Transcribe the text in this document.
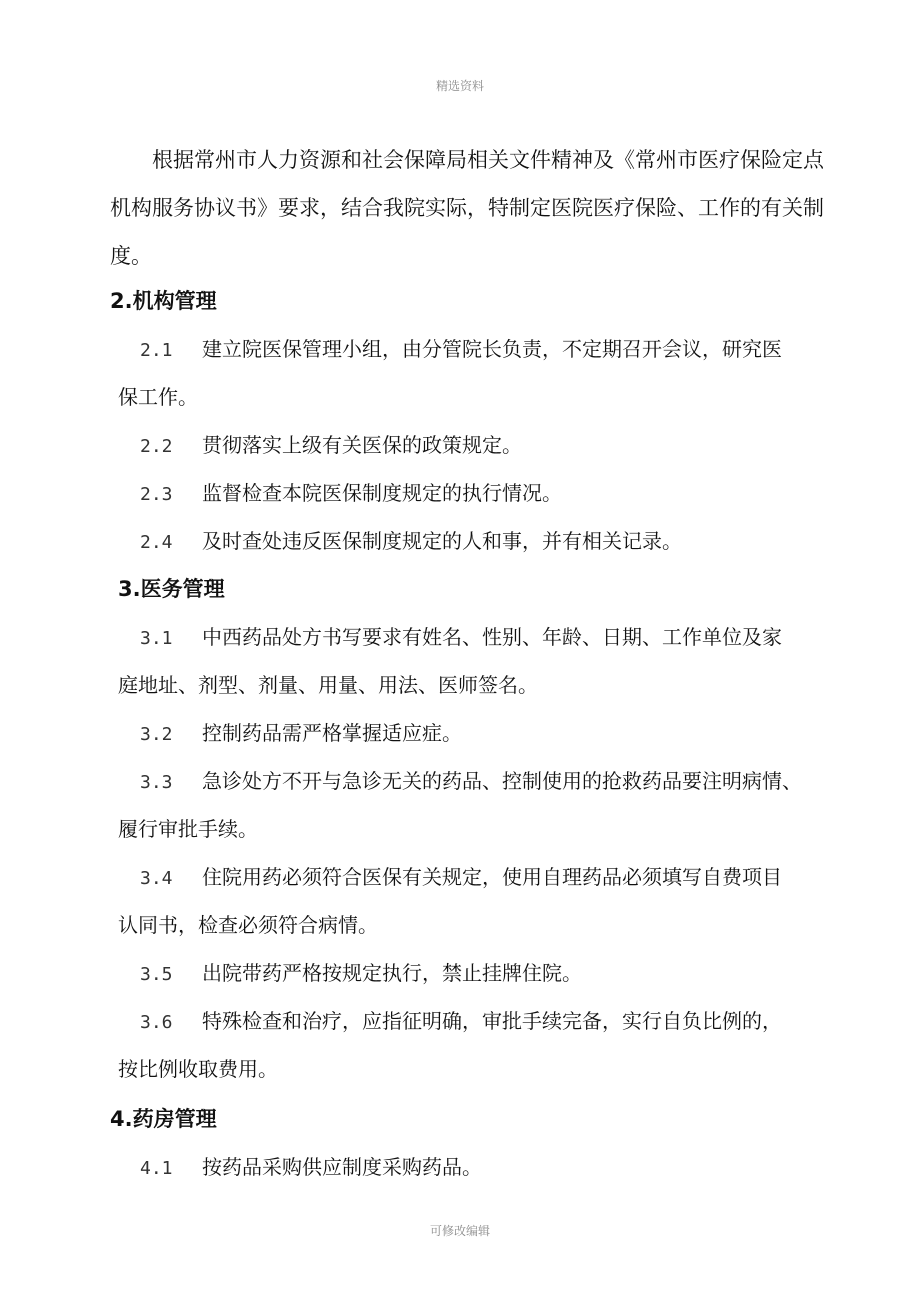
精选资料

根据常州市人力资源和社会保障局相关文件精神及《常州市医疗保险定点机构服务协议书》要求，结合我院实际，特制定医院医疗保险、工作的有关制度。

2.机构管理

2.1 建立院医保管理小组，由分管院长负责，不定期召开会议，研究医

保工作。

2.2 贯彻落实上级有关医保的政策规定。

2.3 监督检查本院医保制度规定的执行情况。

2.4 及时查处违反医保制度规定的人和事，并有相关记录。

3.医务管理

3.1 中西药品处方书写要求有姓名、性别、年龄、日期、工作单位及家

庭地址、剂型、剂量、用量、用法、医师签名。

3.2 控制药品需严格掌握适应症。

3.3 急诊处方不开与急诊无关的药品、控制使用的抢救药品要注明病情、

履行审批手续。

3.4 住院用药必须符合医保有关规定，使用自理药品必须填写自费项目

认同书，检查必须符合病情。

3.5 出院带药严格按规定执行，禁止挂牌住院。

3.6 特殊检查和治疗，应指征明确，审批手续完备，实行自负比例的，

按比例收取费用。

4.药房管理

4.1 按药品采购供应制度采购药品。

可修改编辑
